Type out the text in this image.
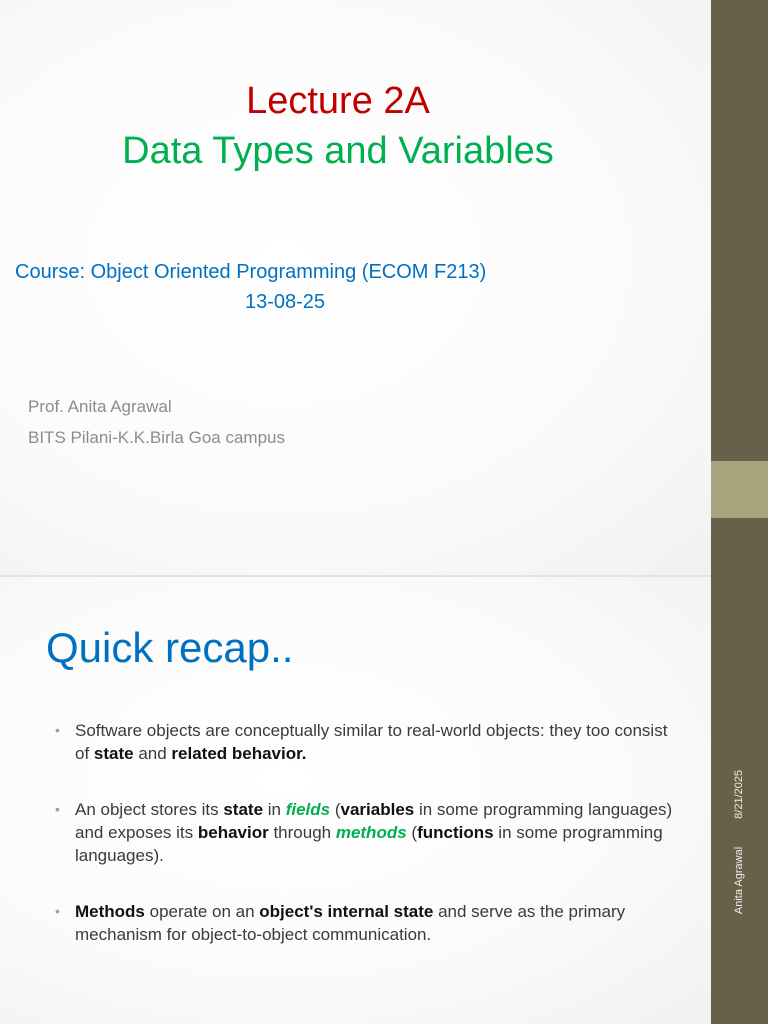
Lecture 2A
Data Types and Variables
Course: Object Oriented Programming (ECOM F213)
13-08-25
Prof. Anita Agrawal
BITS Pilani-K.K.Birla Goa campus
Quick recap..
• Software objects are conceptually similar to real-world objects: they too consist of state and related behavior.
• An object stores its state in fields (variables in some programming languages) and exposes its behavior through methods (functions in some programming languages).
• Methods operate on an object's internal state and serve as the primary mechanism for object-to-object communication.
Anita Agrawal8/21/2025
